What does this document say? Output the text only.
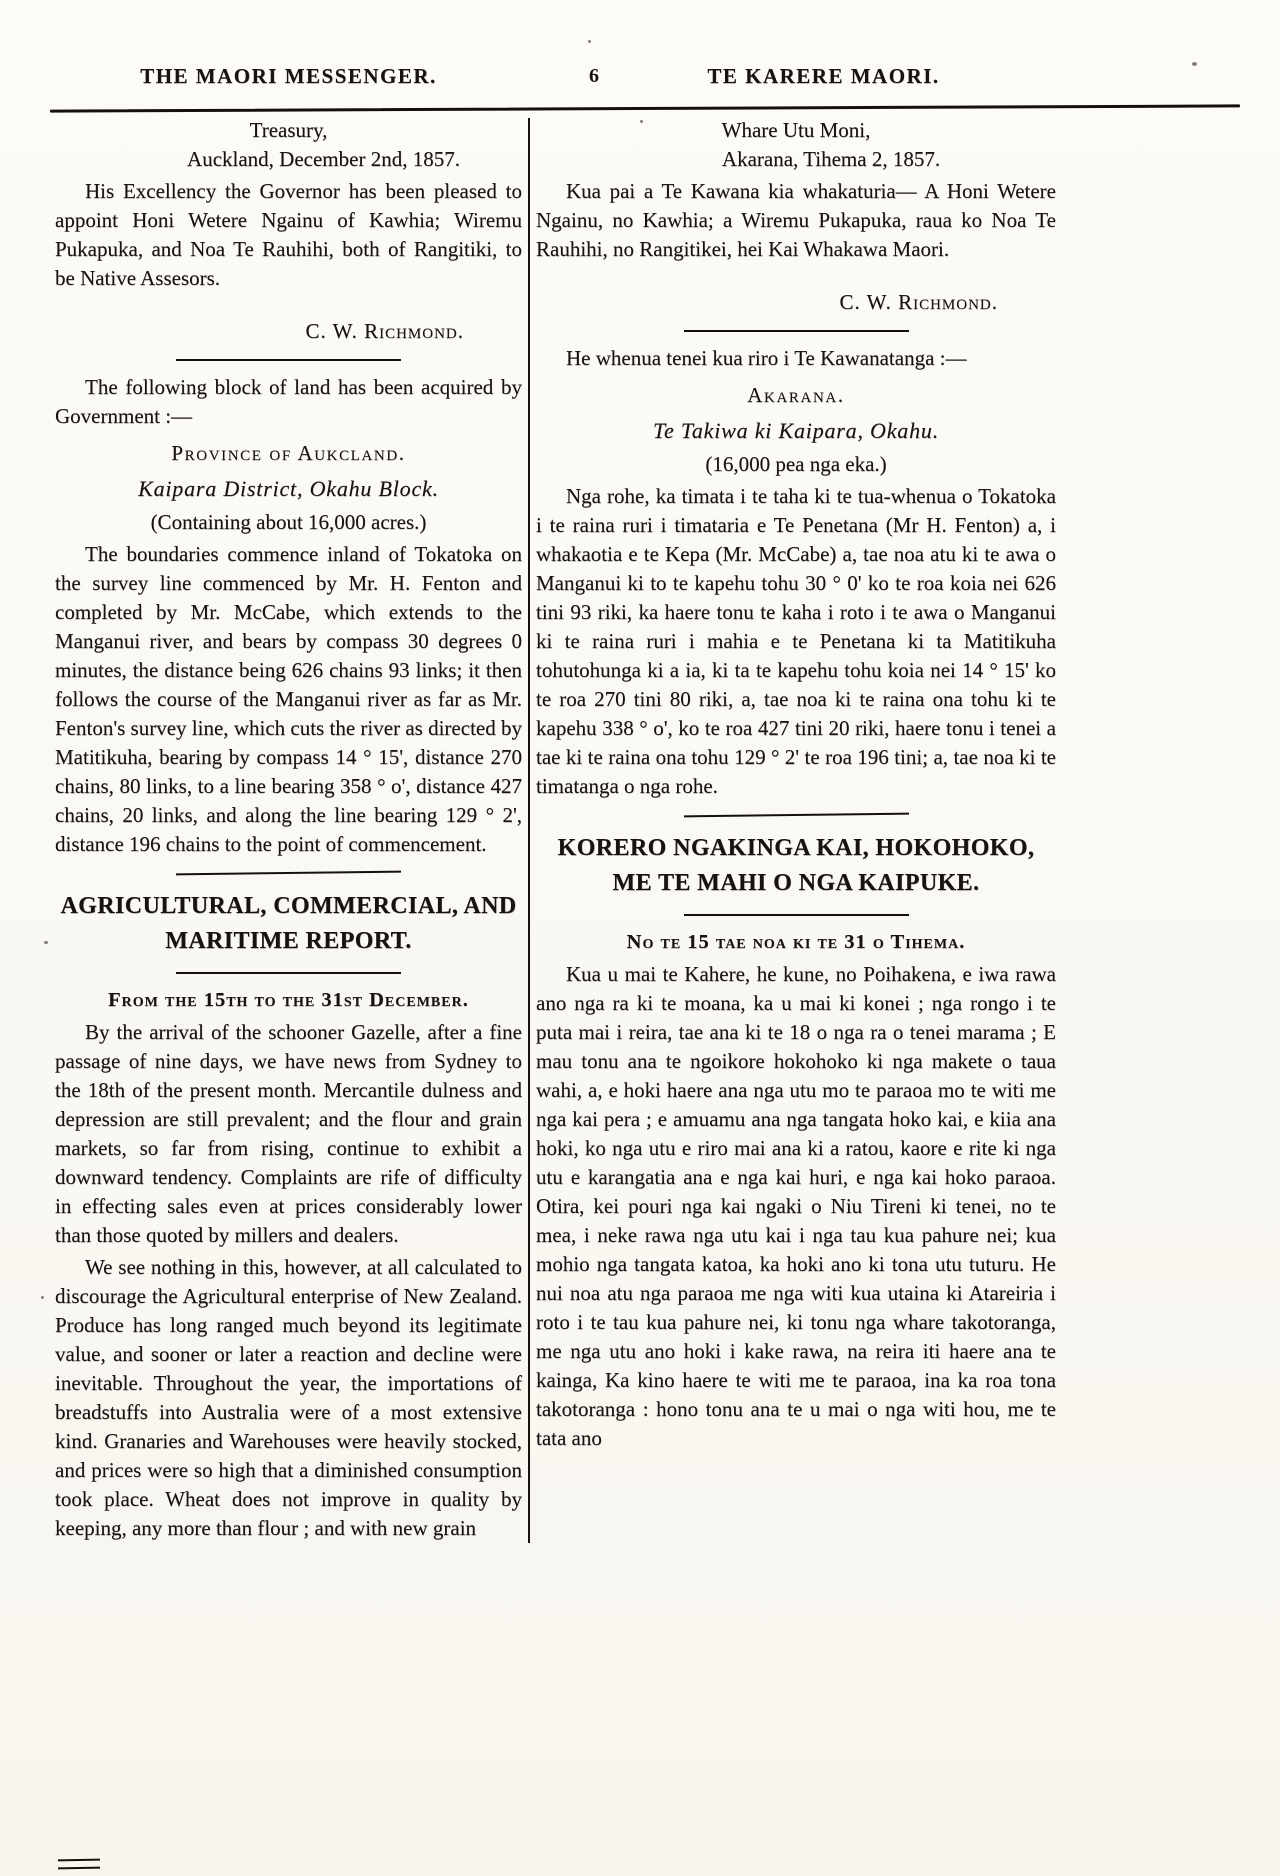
THE MAORI MESSENGER.	6	TE KARERE MAORI.

Treasury,

Auckland, December 2nd, 1857.

His Excellency the Governor has been pleased to appoint Honi Wetere Ngainu of Kawhia; Wiremu Pukapuka, and Noa Te Rauhihi, both of Rangitiki, to be Native Assesors.

C. W. Richmond.

The following block of land has been acquired by Government :—

Province of Aukcland.

Kaipara District, Okahu Block.

(Containing about 16,000 acres.)

The boundaries commence inland of Tokatoka on the survey line commenced by Mr. H. Fenton and completed by Mr. McCabe, which extends to the Manganui river, and bears by compass 30 degrees 0 minutes, the distance being 626 chains 93 links; it then follows the course of the Manganui river as far as Mr. Fenton's survey line, which cuts the river as directed by Matitikuha, bearing by compass 14 ° 15', distance 270 chains, 80 links, to a line bearing 358 ° o', distance 427 chains, 20 links, and along the line bearing 129 ° 2', distance 196 chains to the point of commencement.

AGRICULTURAL, COMMERCIAL, AND MARITIME REPORT.

From the 15th to the 31st December.

By the arrival of the schooner Gazelle, after a fine passage of nine days, we have news from Sydney to the 18th of the present month. Mercantile dulness and depression are still prevalent; and the flour and grain markets, so far from rising, continue to exhibit a downward tendency. Complaints are rife of difficulty in effecting sales even at prices considerably lower than those quoted by millers and dealers.

We see nothing in this, however, at all calculated to discourage the Agricultural enterprise of New Zealand. Produce has long ranged much beyond its legitimate value, and sooner or later a reaction and decline were inevitable. Throughout the year, the importations of breadstuffs into Australia were of a most extensive kind. Granaries and Warehouses were heavily stocked, and prices were so high that a diminished consumption took place. Wheat does not improve in quality by keeping, any more than flour ; and with new grain

Whare Utu Moni,

Akarana, Tihema 2, 1857.

Kua pai a Te Kawana kia whakaturia— A Honi Wetere Ngainu, no Kawhia; a Wiremu Pukapuka, raua ko Noa Te Rauhihi, no Rangitikei, hei Kai Whakawa Maori.

C. W. Richmond.

He whenua tenei kua riro i Te Kawanatanga :—

Akarana.

Te Takiwa ki Kaipara, Okahu.

(16,000 pea nga eka.)

Nga rohe, ka timata i te taha ki te tua-whenua o Tokatoka i te raina ruri i timataria e Te Penetana (Mr H. Fenton) a, i whakaotia e te Kepa (Mr. McCabe) a, tae noa atu ki te awa o Manganui ki to te kapehu tohu 30 ° 0' ko te roa koia nei 626 tini 93 riki, ka haere tonu te kaha i roto i te awa o Manganui ki te raina ruri i mahia e te Penetana ki ta Matitikuha tohutohunga ki a ia, ki ta te kapehu tohu koia nei 14 ° 15' ko te roa 270 tini 80 riki, a, tae noa ki te raina ona tohu ki te kapehu 338 ° o', ko te roa 427 tini 20 riki, haere tonu i tenei a tae ki te raina ona tohu 129 ° 2' te roa 196 tini; a, tae noa ki te timatanga o nga rohe.

KORERO NGAKINGA KAI, HOKOHOKO, ME TE MAHI O NGA KAIPUKE.

No te 15 tae noa ki te 31 o Tihema.

Kua u mai te Kahere, he kune, no Poihakena, e iwa rawa ano nga ra ki te moana, ka u mai ki konei ; nga rongo i te puta mai i reira, tae ana ki te 18 o nga ra o tenei marama ; E mau tonu ana te ngoikore hokohoko ki nga makete o taua wahi, a, e hoki haere ana nga utu mo te paraoa mo te witi me nga kai pera ; e amuamu ana nga tangata hoko kai, e kiia ana hoki, ko nga utu e riro mai ana ki a ratou, kaore e rite ki nga utu e karangatia ana e nga kai huri, e nga kai hoko paraoa. Otira, kei pouri nga kai ngaki o Niu Tireni ki tenei, no te mea, i neke rawa nga utu kai i nga tau kua pahure nei; kua mohio nga tangata katoa, ka hoki ano ki tona utu tuturu. He nui noa atu nga paraoa me nga witi kua utaina ki Atareiria i roto i te tau kua pahure nei, ki tonu nga whare takotoranga, me nga utu ano hoki i kake rawa, na reira iti haere ana te kainga, Ka kino haere te witi me te paraoa, ina ka roa tona takotoranga : hono tonu ana te u mai o nga witi hou, me te tata ano
